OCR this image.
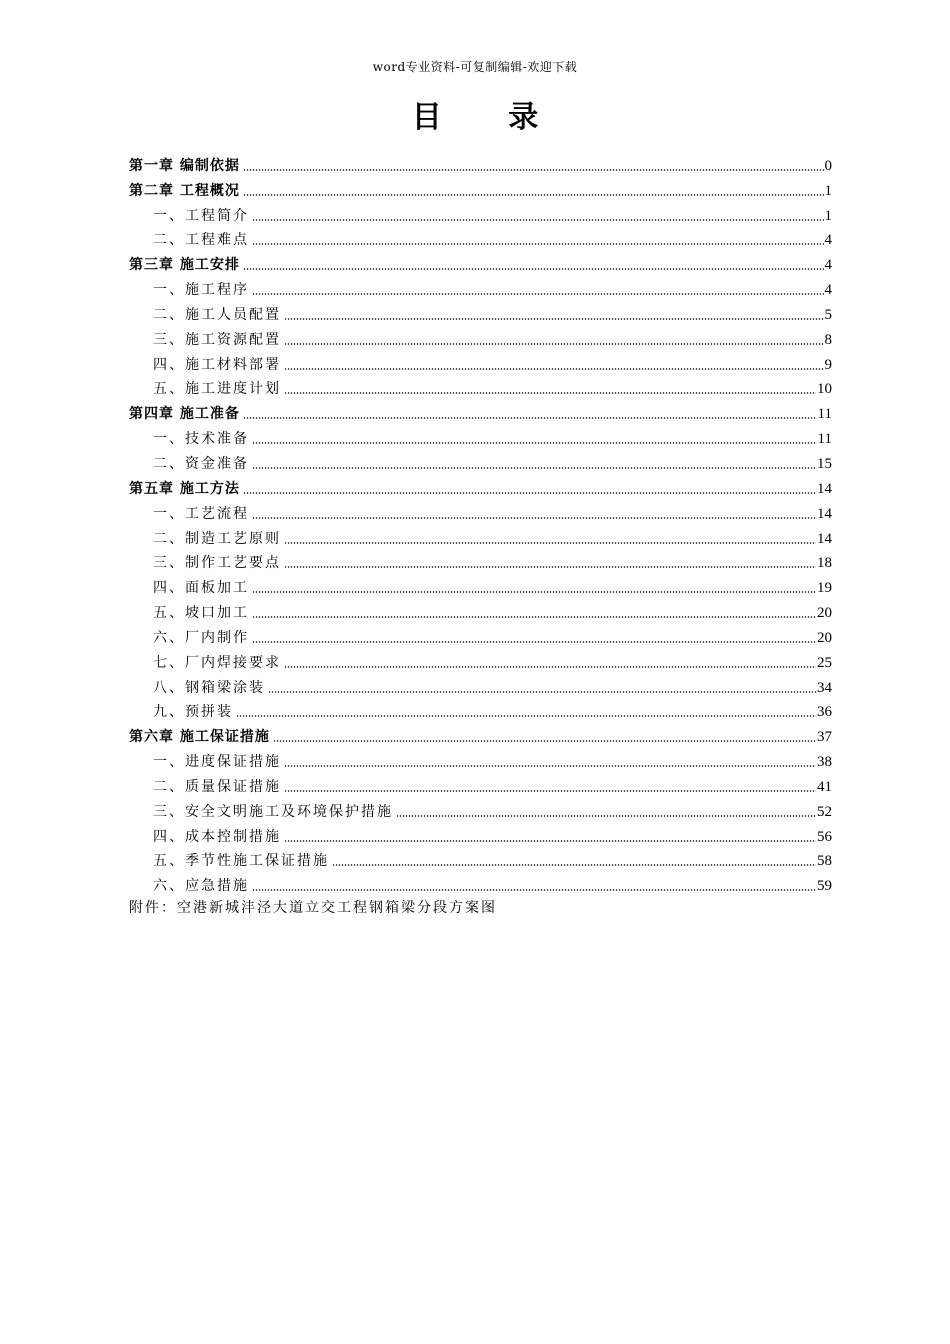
word专业资料-可复制编辑-欢迎下载
目 录
第一章 编制依据	0
第二章 工程概况	1
一、工程简介	1
二、工程难点	4
第三章 施工安排	4
一、施工程序	4
二、施工人员配置	5
三、施工资源配置	8
四、施工材料部署	9
五、施工进度计划	10
第四章 施工准备	11
一、技术准备	11
二、资金准备	15
第五章 施工方法	14
一、工艺流程	14
二、制造工艺原则	14
三、制作工艺要点	18
四、面板加工	19
五、坡口加工	20
六、厂内制作	20
七、厂内焊接要求	25
八、钢箱梁涂装	34
九、预拼装	36
第六章 施工保证措施	37
一、进度保证措施	38
二、质量保证措施	41
三、安全文明施工及环境保护措施	52
四、成本控制措施	56
五、季节性施工保证措施	58
六、应急措施	59
附件：空港新城沣泾大道立交工程钢箱梁分段方案图
